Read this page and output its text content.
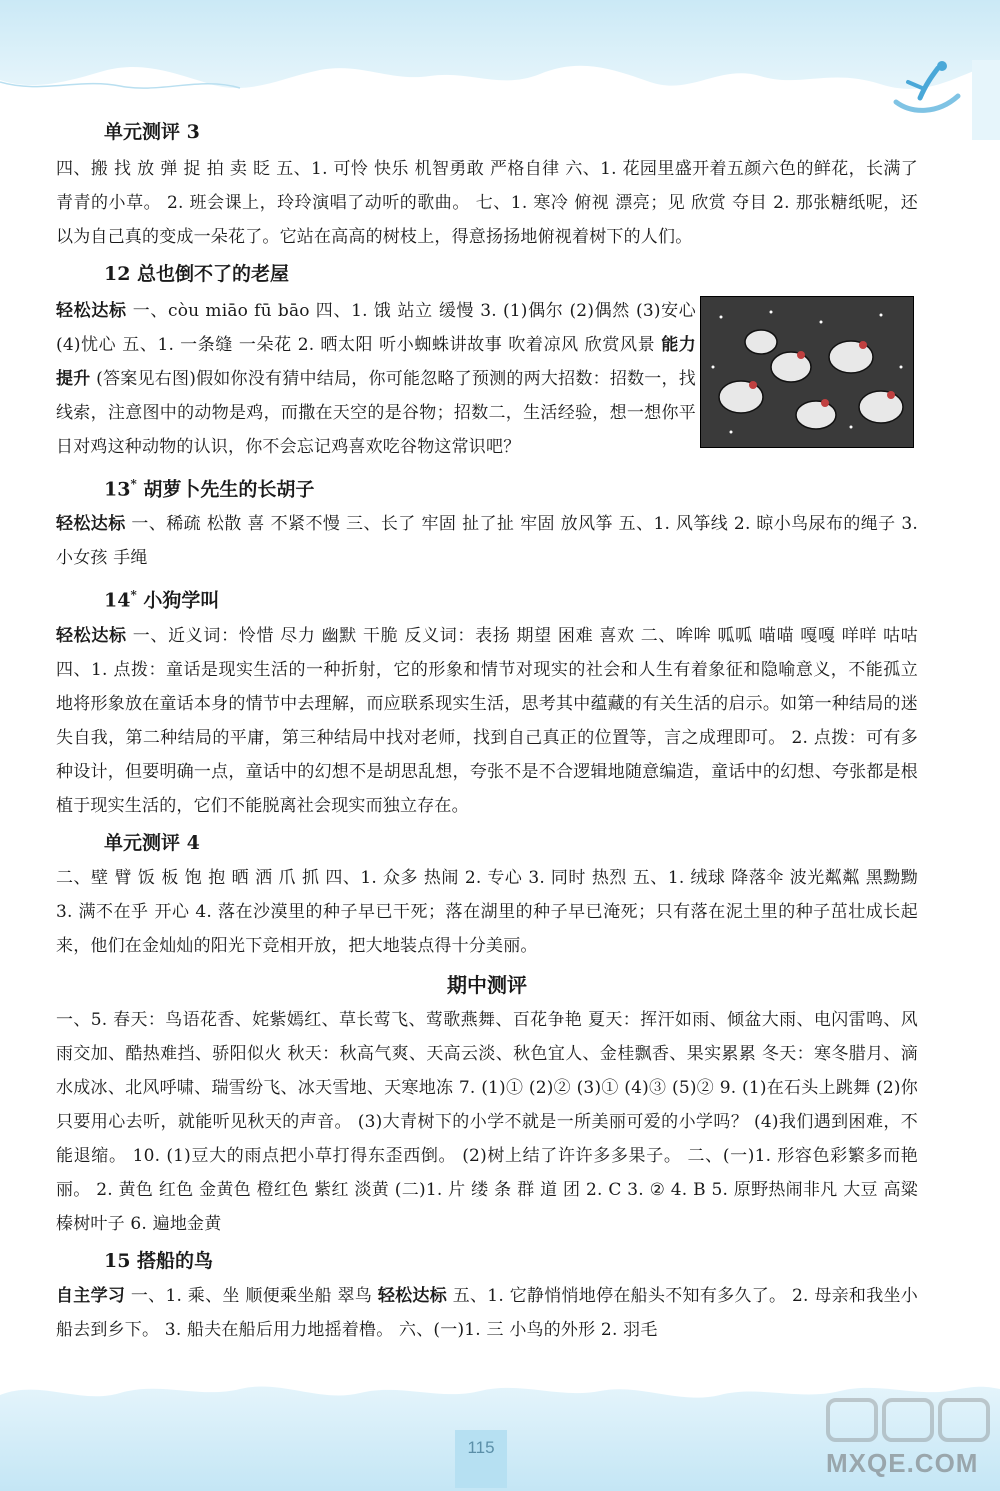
115
MXQE.COM

单元测评 3

四、搬 找 放 弹 捉 拍 卖 眨 五、1. 可怜 快乐 机智勇敢 严格自律 六、1. 花园里盛开着五颜六色的鲜花，长满了青青的小草。 2. 班会课上，玲玲演唱了动听的歌曲。 七、1. 寒冷 俯视 漂亮；见 欣赏 夺目 2. 那张糖纸呢，还以为自己真的变成一朵花了。它站在高高的树枝上，得意扬扬地俯视着树下的人们。

12 总也倒不了的老屋

轻松达标 一、còu miāo fū bāo 四、1. 饿 站立 缓慢 3. (1)偶尔 (2)偶然 (3)安心 (4)忧心 五、1. 一条缝 一朵花 2. 晒太阳 听小蜘蛛讲故事 吹着凉风 欣赏风景 能力提升 (答案见右图)假如你没有猜中结局，你可能忽略了预测的两大招数：招数一，找线索，注意图中的动物是鸡，而撒在天空的是谷物；招数二，生活经验，想一想你平日对鸡这种动物的认识，你不会忘记鸡喜欢吃谷物这常识吧？

13* 胡萝卜先生的长胡子

轻松达标 一、稀疏 松散 喜 不紧不慢 三、长了 牢固 扯了扯 牢固 放风筝 五、1. 风筝线 2. 晾小鸟尿布的绳子 3. 小女孩 手绳

14* 小狗学叫

轻松达标 一、近义词：怜惜 尽力 幽默 干脆 反义词：表扬 期望 困难 喜欢 二、哞哞 呱呱 喵喵 嘎嘎 咩咩 咕咕 四、1. 点拨：童话是现实生活的一种折射，它的形象和情节对现实的社会和人生有着象征和隐喻意义，不能孤立地将形象放在童话本身的情节中去理解，而应联系现实生活，思考其中蕴藏的有关生活的启示。如第一种结局的迷失自我，第二种结局的平庸，第三种结局中找对老师，找到自己真正的位置等，言之成理即可。 2. 点拨：可有多种设计，但要明确一点，童话中的幻想不是胡思乱想，夸张不是不合逻辑地随意编造，童话中的幻想、夸张都是根植于现实生活的，它们不能脱离社会现实而独立存在。

单元测评 4

二、壁 臂 饭 板 饱 抱 晒 洒 爪 抓 四、1. 众多 热闹 2. 专心 3. 同时 热烈 五、1. 绒球 降落伞 波光粼粼 黑黝黝 3. 满不在乎 开心 4. 落在沙漠里的种子早已干死；落在湖里的种子早已淹死；只有落在泥土里的种子茁壮成长起来，他们在金灿灿的阳光下竞相开放，把大地装点得十分美丽。

期中测评

一、5. 春天：鸟语花香、姹紫嫣红、草长莺飞、莺歌燕舞、百花争艳 夏天：挥汗如雨、倾盆大雨、电闪雷鸣、风雨交加、酷热难挡、骄阳似火 秋天：秋高气爽、天高云淡、秋色宜人、金桂飘香、果实累累 冬天：寒冬腊月、滴水成冰、北风呼啸、瑞雪纷飞、冰天雪地、天寒地冻 7. (1)① (2)② (3)① (4)③ (5)② 9. (1)在石头上跳舞 (2)你只要用心去听，就能听见秋天的声音。 (3)大青树下的小学不就是一所美丽可爱的小学吗？ (4)我们遇到困难，不能退缩。 10. (1)豆大的雨点把小草打得东歪西倒。 (2)树上结了许许多多果子。 二、(一)1. 形容色彩繁多而艳丽。 2. 黄色 红色 金黄色 橙红色 紫红 淡黄 (二)1. 片 缕 条 群 道 团 2. C 3. ② 4. B 5. 原野热闹非凡 大豆 高粱 榛树叶子 6. 遍地金黄

15 搭船的鸟

自主学习 一、1. 乘、坐 顺便乘坐船 翠鸟 轻松达标 五、1. 它静悄悄地停在船头不知有多久了。 2. 母亲和我坐小船去到乡下。 3. 船夫在船后用力地摇着橹。 六、(一)1. 三 小鸟的外形 2. 羽毛
